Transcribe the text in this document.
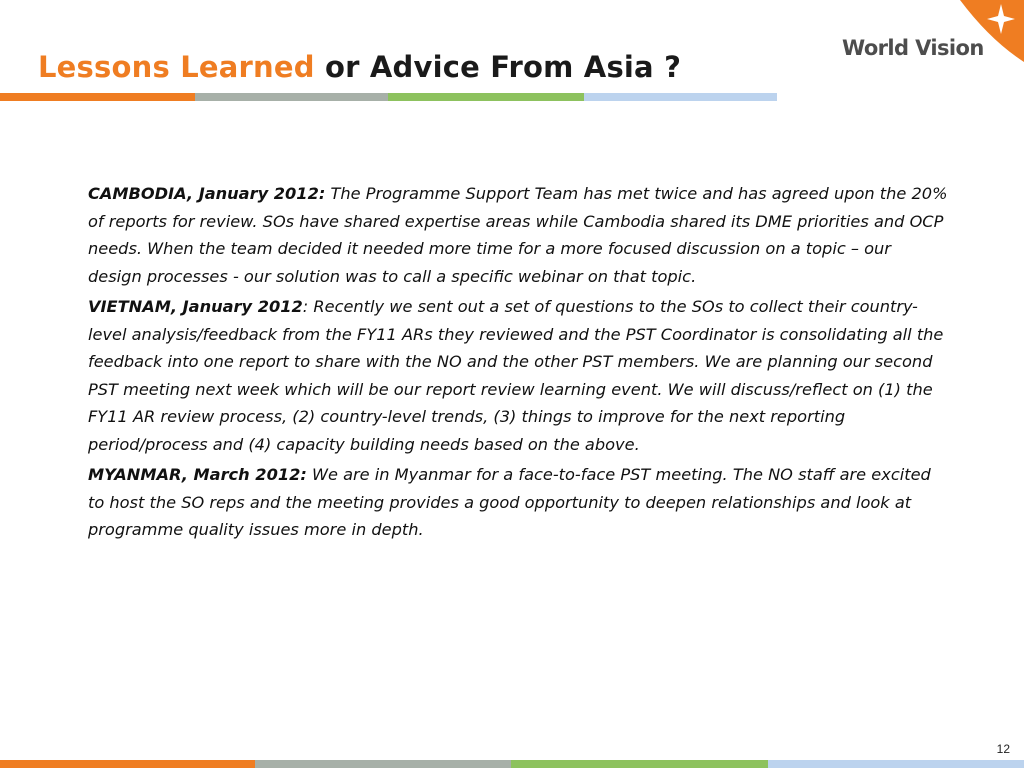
Lessons Learned or Advice From Asia ?
World Vision

CAMBODIA, January 2012: The Programme Support Team has met twice and has agreed upon the 20% of reports for review. SOs have shared expertise areas while Cambodia shared its DME priorities and OCP needs. When the team decided it needed more time for a more focused discussion on a topic – our design processes - our solution was to call a specific webinar on that topic.

VIETNAM, January 2012: Recently we sent out a set of questions to the SOs to collect their country-level analysis/feedback from the FY11 ARs they reviewed and the PST Coordinator is consolidating all the feedback into one report to share with the NO and the other PST members. We are planning our second PST meeting next week which will be our report review learning event. We will discuss/reflect on (1) the FY11 AR review process, (2) country-level trends, (3) things to improve for the next reporting period/process and (4) capacity building needs based on the above.

MYANMAR, March 2012: We are in Myanmar for a face-to-face PST meeting. The NO staff are excited to host the SO reps and the meeting provides a good opportunity to deepen relationships and look at programme quality issues more in depth.

12
